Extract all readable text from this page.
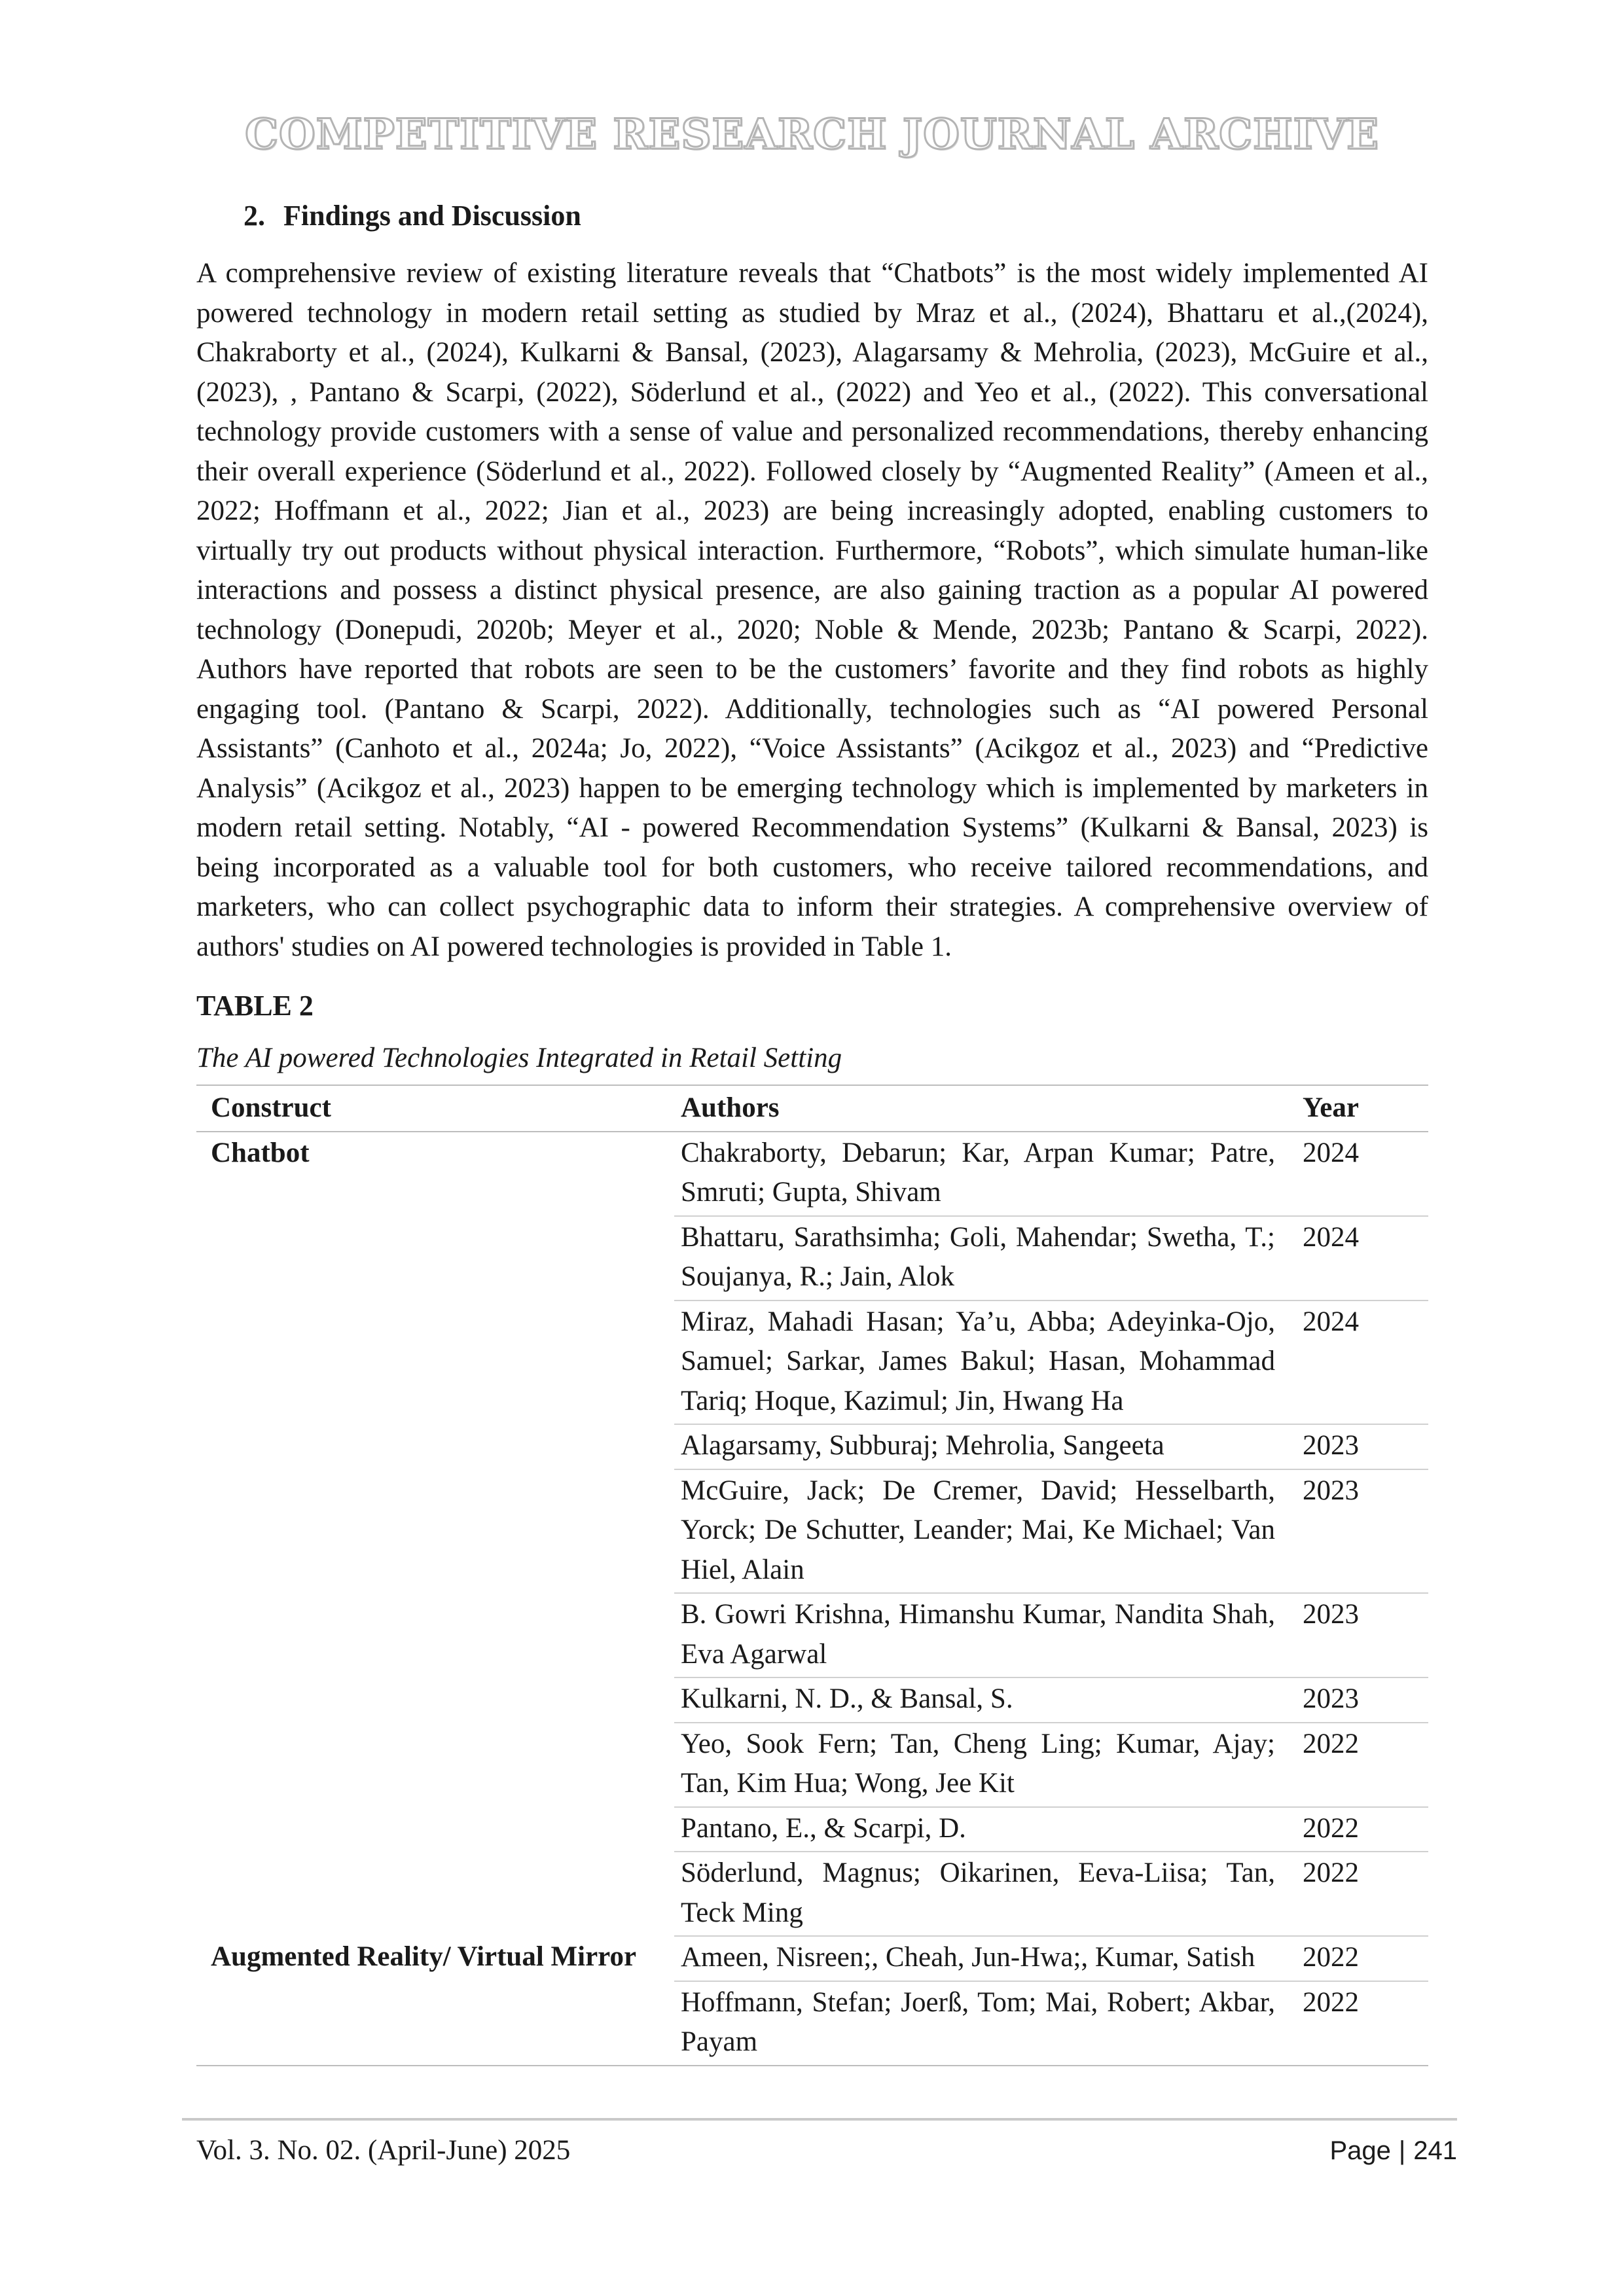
COMPETITIVE RESEARCH JOURNAL ARCHIVE
2. Findings and Discussion

A comprehensive review of existing literature reveals that “Chatbots” is the most widely implemented AI powered technology in modern retail setting as studied by Mraz et al., (2024), Bhattaru et al.,(2024), Chakraborty et al., (2024), Kulkarni & Bansal, (2023), Alagarsamy & Mehrolia, (2023), McGuire et al.,(2023), , Pantano & Scarpi, (2022), Söderlund et al., (2022) and Yeo et al., (2022). This conversational technology provide customers with a sense of value and personalized recommendations, thereby enhancing their overall experience (Söderlund et al., 2022). Followed closely by “Augmented Reality” (Ameen et al., 2022; Hoffmann et al., 2022; Jian et al., 2023) are being increasingly adopted, enabling customers to virtually try out products without physical interaction. Furthermore, “Robots”, which simulate human-like interactions and possess a distinct physical presence, are also gaining traction as a popular AI powered technology (Donepudi, 2020b; Meyer et al., 2020; Noble & Mende, 2023b; Pantano & Scarpi, 2022). Authors have reported that robots are seen to be the customers’ favorite and they find robots as highly engaging tool. (Pantano & Scarpi, 2022). Additionally, technologies such as “AI powered Personal Assistants” (Canhoto et al., 2024a; Jo, 2022), “Voice Assistants” (Acikgoz et al., 2023) and “Predictive Analysis” (Acikgoz et al., 2023) happen to be emerging technology which is implemented by marketers in modern retail setting. Notably, “AI - powered Recommendation Systems” (Kulkarni & Bansal, 2023) is being incorporated as a valuable tool for both customers, who receive tailored recommendations, and marketers, who can collect psychographic data to inform their strategies. A comprehensive overview of authors' studies on AI powered technologies is provided in Table 1.

TABLE 2
The AI powered Technologies Integrated in Retail Setting
Construct	Authors	Year
Chatbot	Chakraborty, Debarun; Kar, Arpan Kumar; Patre, Smruti; Gupta, Shivam	2024
	Bhattaru, Sarathsimha; Goli, Mahendar; Swetha, T.; Soujanya, R.; Jain, Alok	2024
	Miraz, Mahadi Hasan; Ya’u, Abba; Adeyinka-Ojo, Samuel; Sarkar, James Bakul; Hasan, Mohammad Tariq; Hoque, Kazimul; Jin, Hwang Ha	2024
	Alagarsamy, Subburaj; Mehrolia, Sangeeta	2023
	McGuire, Jack; De Cremer, David; Hesselbarth, Yorck; De Schutter, Leander; Mai, Ke Michael; Van Hiel, Alain	2023
	B. Gowri Krishna, Himanshu Kumar, Nandita Shah, Eva Agarwal	2023
	Kulkarni, N. D., & Bansal, S.	2023
	Yeo, Sook Fern; Tan, Cheng Ling; Kumar, Ajay; Tan, Kim Hua; Wong, Jee Kit	2022
	Pantano, E., & Scarpi, D.	2022
	Söderlund, Magnus; Oikarinen, Eeva-Liisa; Tan, Teck Ming	2022
Augmented Reality/ Virtual Mirror	Ameen, Nisreen;, Cheah, Jun-Hwa;, Kumar, Satish	2022
	Hoffmann, Stefan; Joerß, Tom; Mai, Robert; Akbar, Payam	2022
Vol. 3. No. 02. (April-June) 2025	Page | 241
